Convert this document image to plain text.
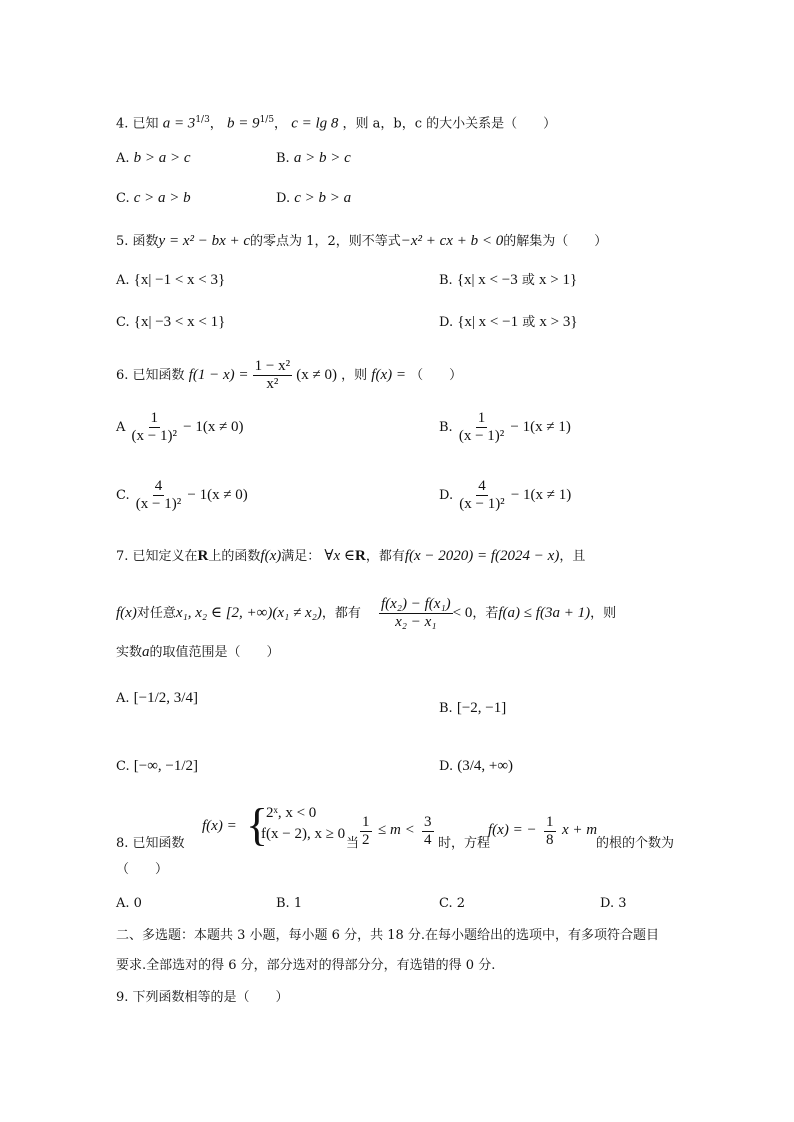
4. 已知 $a = 3^{1/3}$， $b = 9^{1/5}$， c = lg 8 ，则 a，b，c 的大小关系是（　　）
A. b > a > c	B. a > b > c
C. c > a > b	D. c > b > a
5. 函数y = x² − bx + c的零点为 1，2，则不等式−x² + cx + b < 0的解集为（　　）
A. {x| −1 < x < 3}	B. {x| x < −3 或 x > 1}
C. {x| −3 < x < 1}	D. {x| x < −1 或 x > 3}
6. 已知函数 $f(1 - x) = \frac{\text{1 − x²}}{\text{x²}} (x \ne 0)$ ，则 f(x) = （　　）
A $\frac{1}{\text{(x − 1)²}} - 1(x \ne 0)$	B. $\frac{1}{\text{(x − 1)²}} - 1(x \ne 1)$
C. $\frac{4}{\text{(x − 1)²}} - 1(x \ne 0)$	D. $\frac{4}{\text{(x − 1)²}} - 1(x \ne 1)$
7. 已知定义在R上的函数f(x)满足： ∀x ∈R，都有f(x − 2020) = f(2024 − x)，且
f(x)对任意x₁, x₂ ∈ [2, +∞)(x₁ ≠ x₂)，都有 $\frac{\text{f(x₂) − f(x₁)}}{\text{x₂ − x₁}} < 0$，若f(a) ≤ f(3a + 1)，则
实数a的取值范围是（　　）
A. [−1/2, 3/4]
B. [−2, −1]
C. [−∞, −1/2]	D. (3/4, +∞)
8. 已知函数
f(x) = {
2ˣ, x < 0
f(x − 2), x ≥ 0
当 $\frac{1}{2} \le m < \frac{3}{4}$ 时，方程
f(x) = − $\frac{1}{8}$ x + m
的根的个数为
（　　）
A. 0	B. 1	C. 2	D. 3
二、多选题：本题共 3 小题，每小题 6 分，共 18 分.在每小题给出的选项中，有多项符合题目
要求.全部选对的得 6 分，部分选对的得部分分，有选错的得 0 分.
9. 下列函数相等的是（　　）
